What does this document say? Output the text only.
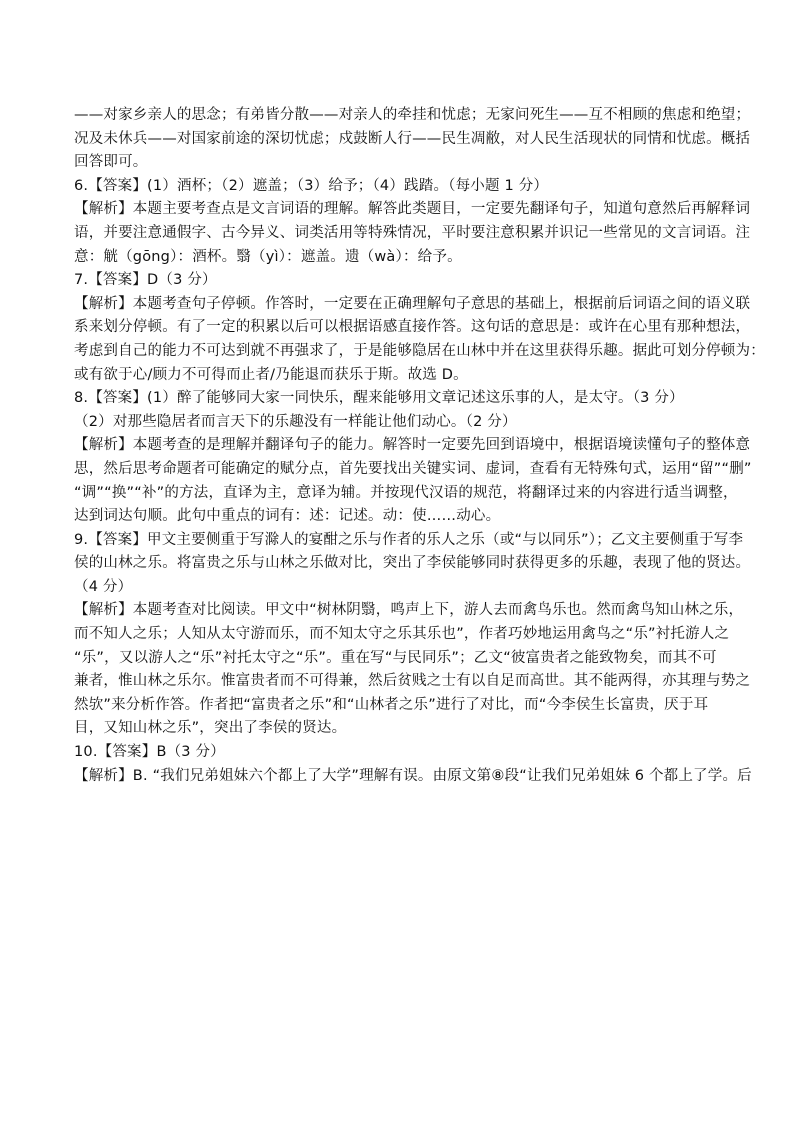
——对家乡亲人的思念；有弟皆分散——对亲人的牵挂和忧虑；无家问死生——互不相顾的焦虑和绝望；
况及未休兵——对国家前途的深切忧虑；戍鼓断人行——民生凋敝，对人民生活现状的同情和忧虑。概括
回答即可。
6.【答案】(1）酒杯；（2）遮盖；（3）给予；（4）践踏。（每小题 1 分）
【解析】本题主要考查点是文言词语的理解。解答此类题目，一定要先翻译句子，知道句意然后再解释词
语，并要注意通假字、古今异义、词类活用等特殊情况，平时要注意积累并识记一些常见的文言词语。注
意：觥（gōng）：酒杯。翳（yì）：遮盖。遗（wà）：给予。
7.【答案】D（3 分）
【解析】本题考查句子停顿。作答时，一定要在正确理解句子意思的基础上，根据前后词语之间的语义联
系来划分停顿。有了一定的积累以后可以根据语感直接作答。这句话的意思是：或许在心里有那种想法，
考虑到自己的能力不可达到就不再强求了，于是能够隐居在山林中并在这里获得乐趣。据此可划分停顿为：
或有欲于心/顾力不可得而止者/乃能退而获乐于斯。故选 D。
8.【答案】(1）醉了能够同大家一同快乐，醒来能够用文章记述这乐事的人，是太守。（3 分）
（2）对那些隐居者而言天下的乐趣没有一样能让他们动心。（2 分）
【解析】本题考查的是理解并翻译句子的能力。解答时一定要先回到语境中，根据语境读懂句子的整体意
思，然后思考命题者可能确定的赋分点，首先要找出关键实词、虚词，查看有无特殊句式，运用“留”“删”
“调”“换”“补”的方法，直译为主，意译为辅。并按现代汉语的规范，将翻译过来的内容进行适当调整，
达到词达句顺。此句中重点的词有：述：记述。动：使……动心。
9.【答案】甲文主要侧重于写滁人的宴酣之乐与作者的乐人之乐（或“与以同乐”）；乙文主要侧重于写李
侯的山林之乐。将富贵之乐与山林之乐做对比，突出了李侯能够同时获得更多的乐趣，表现了他的贤达。
（4 分）
【解析】本题考查对比阅读。甲文中“树林阴翳，鸣声上下，游人去而禽鸟乐也。然而禽鸟知山林之乐，
而不知人之乐；人知从太守游而乐，而不知太守之乐其乐也”，作者巧妙地运用禽鸟之“乐”衬托游人之
“乐”，又以游人之“乐”衬托太守之“乐”。重在写“与民同乐”；乙文“彼富贵者之能致物矣，而其不可
兼者，惟山林之乐尔。惟富贵者而不可得兼，然后贫贱之士有以自足而高世。其不能两得，亦其理与势之
然欤”来分析作答。作者把“富贵者之乐”和“山林者之乐”进行了对比，而“今李侯生长富贵，厌于耳
目，又知山林之乐”，突出了李侯的贤达。
10.【答案】B（3 分）
【解析】B. “我们兄弟姐妹六个都上了大学”理解有误。由原文第⑧段“让我们兄弟姐妹 6 个都上了学。后
